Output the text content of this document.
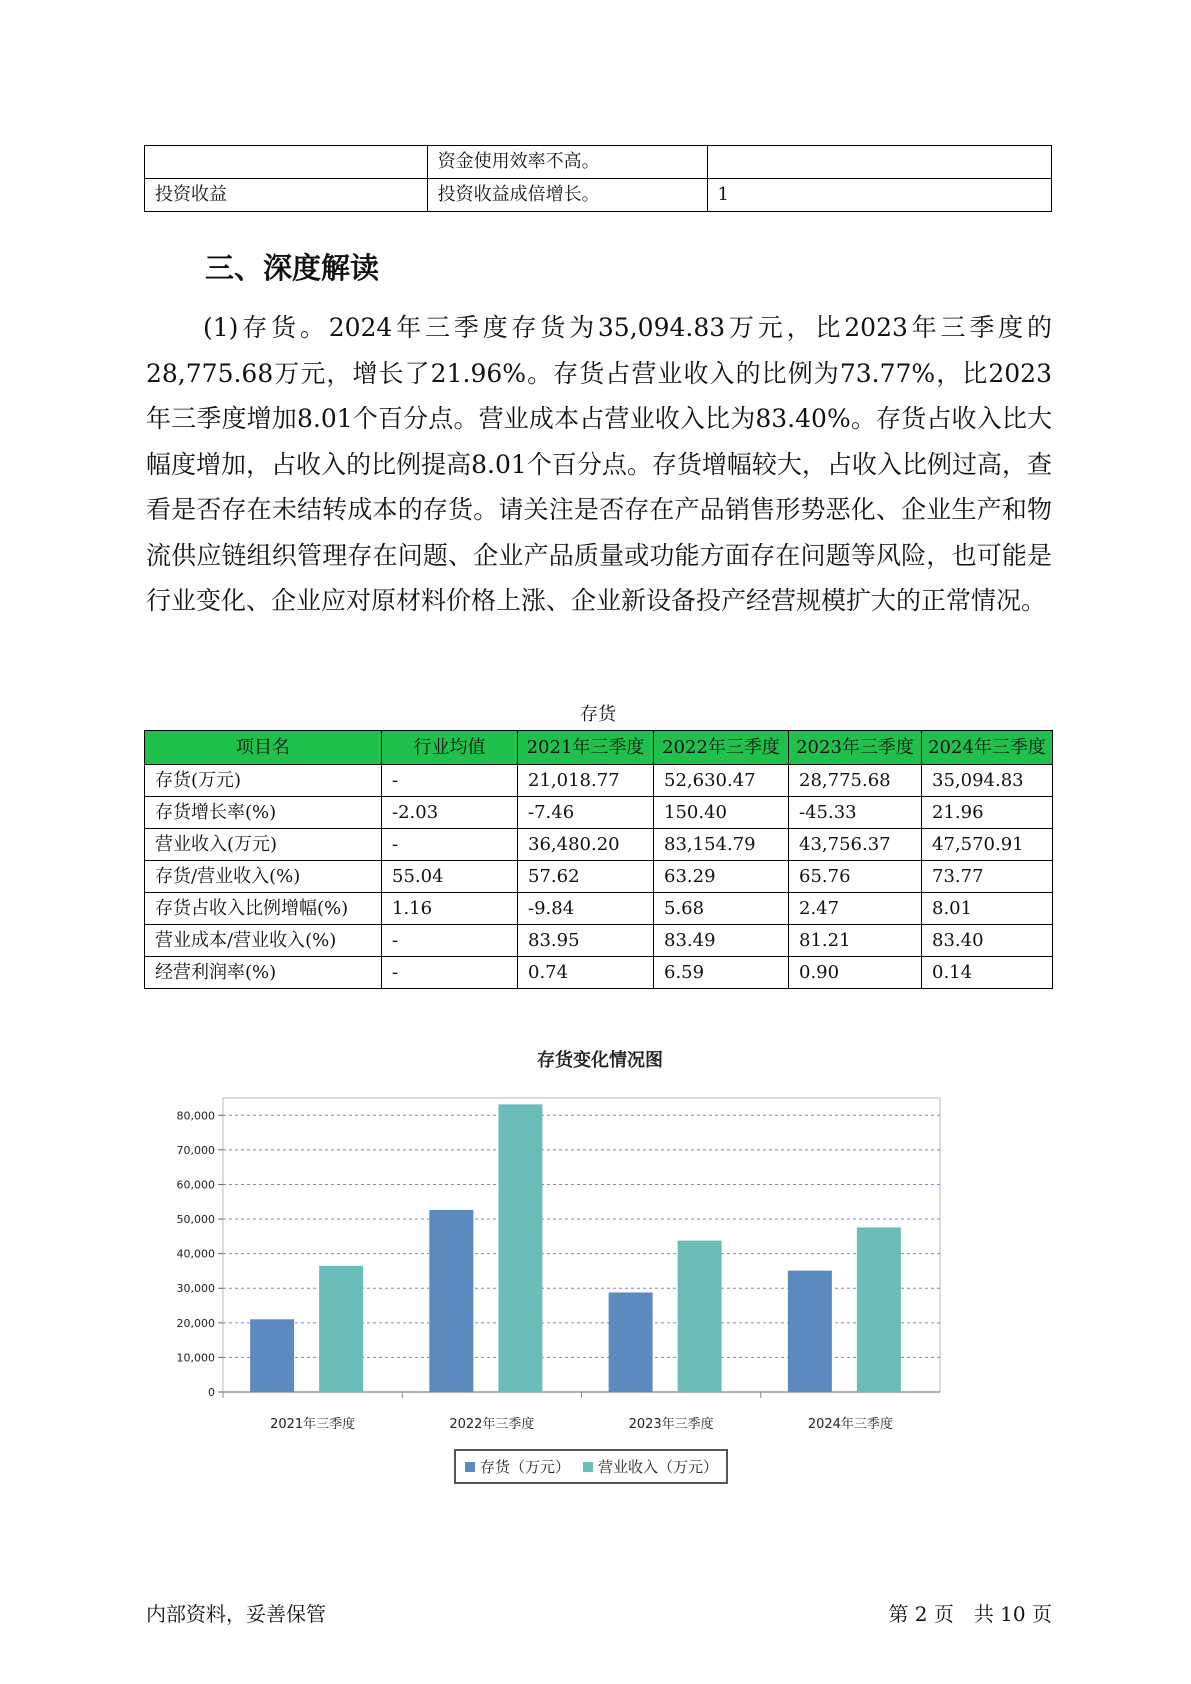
	资金使用效率不高。	
投资收益	投资收益成倍增长。	1
三、深度解读

(1)存货。2024年三季度存货为35,094.83万元，比2023年三季度的28,775.68万元，增长了21.96%。存货占营业收入的比例为73.77%，比2023年三季度增加8.01个百分点。营业成本占营业收入比为83.40%。存货占收入比大幅度增加，占收入的比例提高8.01个百分点。存货增幅较大，占收入比例过高，查看是否存在未结转成本的存货。请关注是否存在产品销售形势恶化、企业生产和物流供应链组织管理存在问题、企业产品质量或功能方面存在问题等风险，也可能是行业变化、企业应对原材料价格上涨、企业新设备投产经营规模扩大的正常情况。

存货
项目名	行业均值	2021年三季度	2022年三季度	2023年三季度	2024年三季度
存货(万元)	-	21,018.77	52,630.47	28,775.68	35,094.83
存货增长率(%)	-2.03	-7.46	150.40	-45.33	21.96
营业收入(万元)	-	36,480.20	83,154.79	43,756.37	47,570.91
存货/营业收入(%)	55.04	57.62	63.29	65.76	73.77
存货占收入比例增幅(%)	1.16	-9.84	5.68	2.47	8.01
营业成本/营业收入(%)	-	83.95	83.49	81.21	83.40
经营利润率(%)	-	0.74	6.59	0.90	0.14
存货变化情况图
0
10,000
20,000
30,000
40,000
50,000
60,000
70,000
80,000
2021年三季度	2022年三季度	2023年三季度	2024年三季度
存货（万元） 营业收入（万元）
内部资料，妥善保管	第 2 页　共 10 页
